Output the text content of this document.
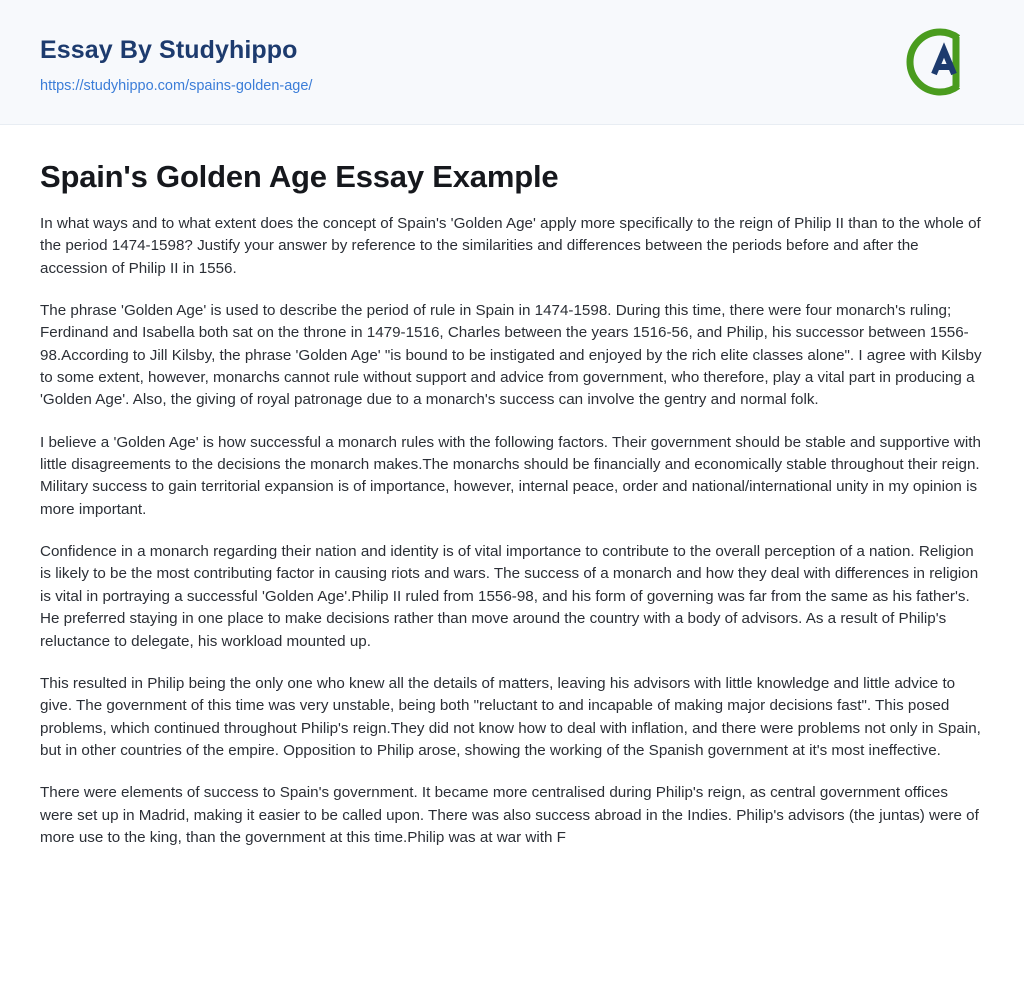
Essay By Studyhippo
https://studyhippo.com/spains-golden-age/
Spain's Golden Age Essay Example

In what ways and to what extent does the concept of Spain's 'Golden Age' apply more specifically to the reign of Philip II than to the whole of the period 1474-1598? Justify your answer by reference to the similarities and differences between the periods before and after the accession of Philip II in 1556.

The phrase 'Golden Age' is used to describe the period of rule in Spain in 1474-1598. During this time, there were four monarch's ruling; Ferdinand and Isabella both sat on the throne in 1479-1516, Charles between the years 1516-56, and Philip, his successor between 1556-98.According to Jill Kilsby, the phrase 'Golden Age' "is bound to be instigated and enjoyed by the rich elite classes alone". I agree with Kilsby to some extent, however, monarchs cannot rule without support and advice from government, who therefore, play a vital part in producing a 'Golden Age'. Also, the giving of royal patronage due to a monarch's success can involve the gentry and normal folk.

I believe a 'Golden Age' is how successful a monarch rules with the following factors. Their government should be stable and supportive with little disagreements to the decisions the monarch makes.The monarchs should be financially and economically stable throughout their reign. Military success to gain territorial expansion is of importance, however, internal peace, order and national/international unity in my opinion is more important.

Confidence in a monarch regarding their nation and identity is of vital importance to contribute to the overall perception of a nation. Religion is likely to be the most contributing factor in causing riots and wars. The success of a monarch and how they deal with differences in religion is vital in portraying a successful 'Golden Age'.Philip II ruled from 1556-98, and his form of governing was far from the same as his father's. He preferred staying in one place to make decisions rather than move around the country with a body of advisors. As a result of Philip's reluctance to delegate, his workload mounted up.

This resulted in Philip being the only one who knew all the details of matters, leaving his advisors with little knowledge and little advice to give. The government of this time was very unstable, being both "reluctant to and incapable of making major decisions fast". This posed problems, which continued throughout Philip's reign.They did not know how to deal with inflation, and there were problems not only in Spain, but in other countries of the empire. Opposition to Philip arose, showing the working of the Spanish government at it's most ineffective.

There were elements of success to Spain's government. It became more centralised during Philip's reign, as central government offices were set up in Madrid, making it easier to be called upon. There was also success abroad in the Indies. Philip's advisors (the juntas) were of more use to the king, than the government at this time.Philip was at war with F
